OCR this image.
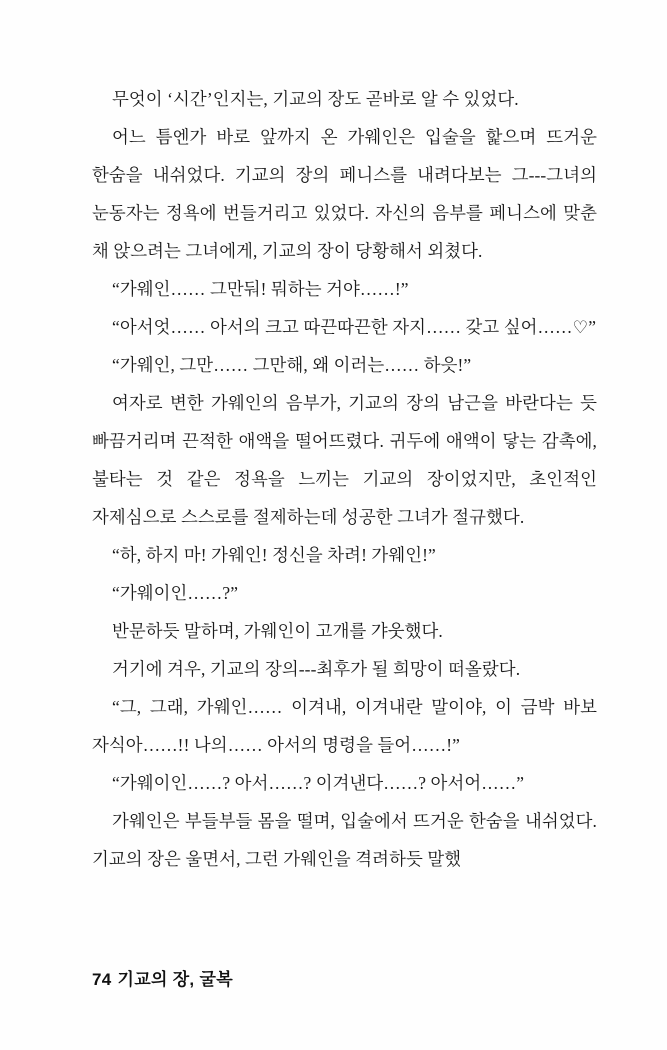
무엇이 ‘시간’인지는, 기교의 장도 곧바로 알 수 있었다.

어느 틈엔가 바로 앞까지 온 가웨인은 입술을 핥으며 뜨거운 한숨을 내쉬었다. 기교의 장의 페니스를 내려다보는 그---그녀의 눈동자는 정욕에 번들거리고 있었다. 자신의 음부를 페니스에 맞춘 채 앉으려는 그녀에게, 기교의 장이 당황해서 외쳤다.

“가웨인…… 그만둬! 뭐하는 거야……!”

“아서엇…… 아서의 크고 따끈따끈한 자지…… 갖고 싶어……♡”

“가웨인, 그만…… 그만해, 왜 이러는…… 하읏!”

여자로 변한 가웨인의 음부가, 기교의 장의 남근을 바란다는 듯 빠끔거리며 끈적한 애액을 떨어뜨렸다. 귀두에 애액이 닿는 감촉에, 불타는 것 같은 정욕을 느끼는 기교의 장이었지만, 초인적인 자제심으로 스스로를 절제하는데 성공한 그녀가 절규했다.

“하, 하지 마! 가웨인! 정신을 차려! 가웨인!”

“가웨이인……?”

반문하듯 말하며, 가웨인이 고개를 갸웃했다.

거기에 겨우, 기교의 장의---최후가 될 희망이 떠올랐다.

“그, 그래, 가웨인…… 이겨내, 이겨내란 말이야, 이 금박 바보 자식아……!! 나의…… 아서의 명령을 들어……!”

“가웨이인……? 아서……? 이겨낸다……? 아서어……”

가웨인은 부들부들 몸을 떨며, 입술에서 뜨거운 한숨을 내쉬었다. 기교의 장은 울면서, 그런 가웨인을 격려하듯 말했

74 기교의 장, 굴복
